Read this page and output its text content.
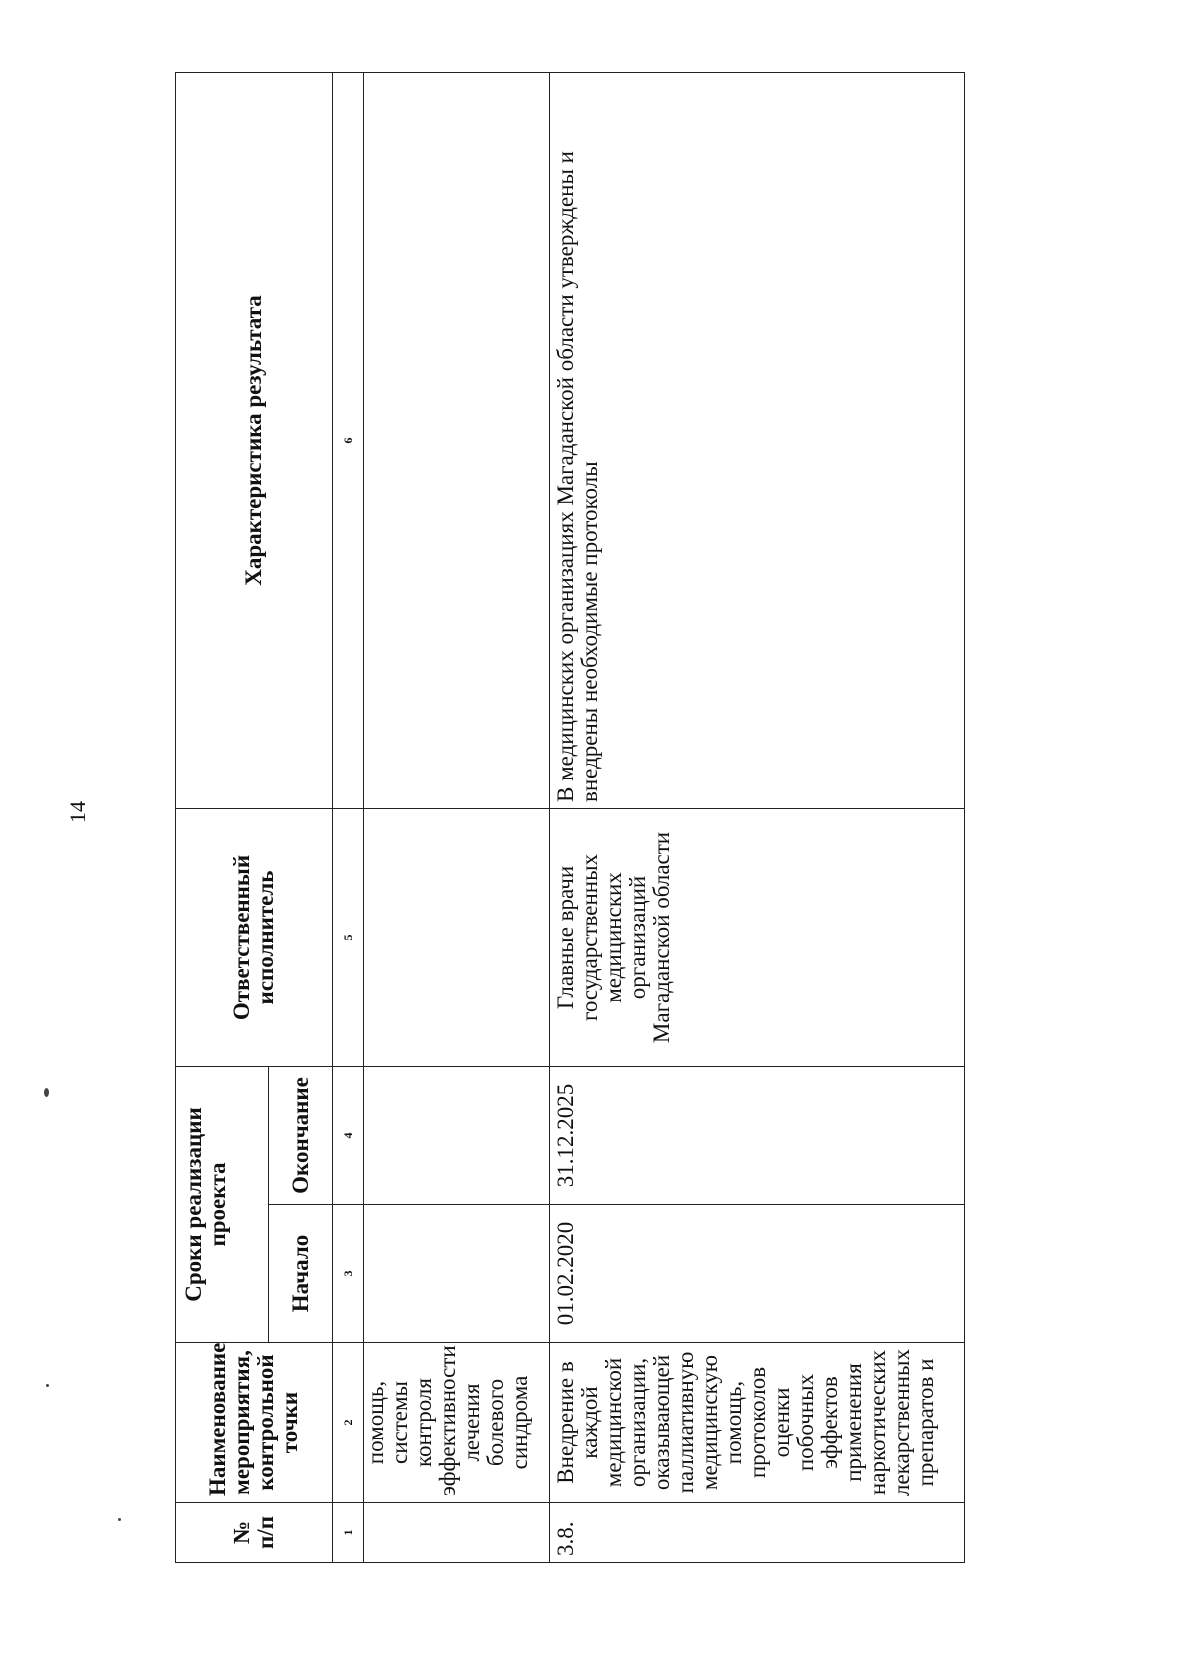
14
№ п/п	Наименование мероприятия, контрольной точки	Сроки реализации проекта		Ответственный исполнитель	Характеристика результата
		Начало	Окончание		
1	2	3	4	5	6
	помощь, системы контроля эффективности лечения болевого синдрома				
3.8.	Внедрение в каждой медицинской организации, оказывающей паллиативную медицинскую помощь, протоколов оценки побочных эффектов применения наркотических лекарственных препаратов и	01.02.2020	31.12.2025	Главные врачи государственных медицинских организаций Магаданской области	В медицинских организациях Магаданской области утверждены и внедрены необходимые протоколы
